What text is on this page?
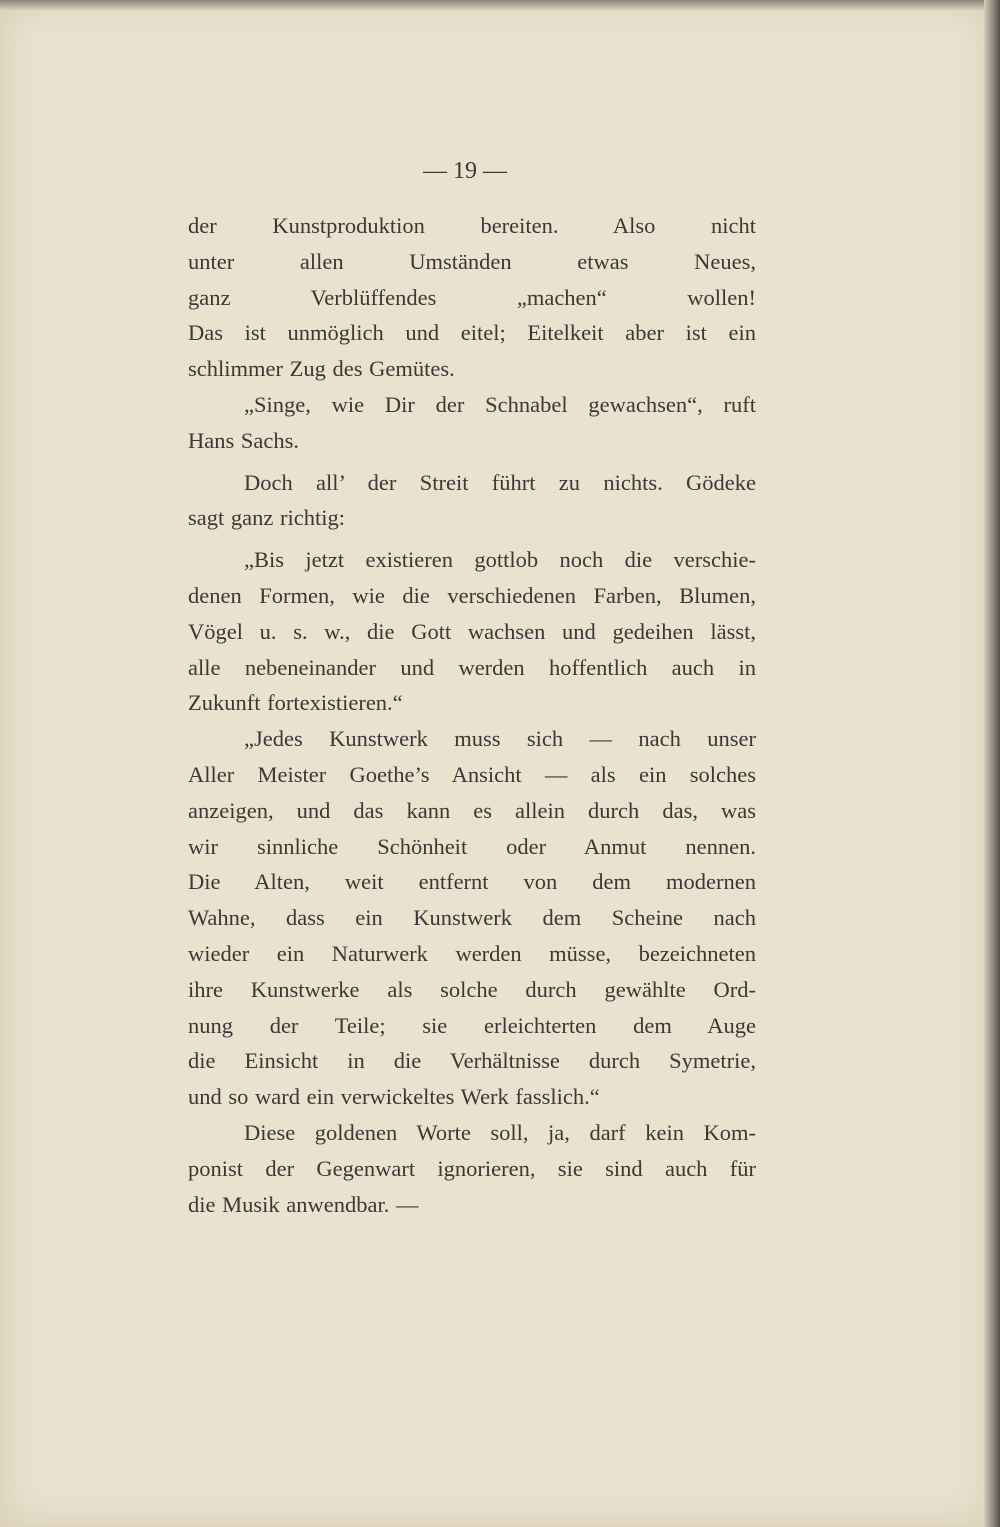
— 19 —
der Kunstproduktion bereiten. Also nicht
unter allen Umständen etwas Neues,
ganz Verblüffendes „machen“ wollen!
Das ist unmöglich und eitel; Eitelkeit aber ist ein
schlimmer Zug des Gemütes.
„Singe, wie Dir der Schnabel gewachsen“, ruft
Hans Sachs.
Doch all’ der Streit führt zu nichts. Gödeke
sagt ganz richtig:
„Bis jetzt existieren gottlob noch die verschie-
denen Formen, wie die verschiedenen Farben, Blumen,
Vögel u. s. w., die Gott wachsen und gedeihen lässt,
alle nebeneinander und werden hoffentlich auch in
Zukunft fortexistieren.“
„Jedes Kunstwerk muss sich — nach unser
Aller Meister Goethe’s Ansicht — als ein solches
anzeigen, und das kann es allein durch das, was
wir sinnliche Schönheit oder Anmut nennen.
Die Alten, weit entfernt von dem modernen
Wahne, dass ein Kunstwerk dem Scheine nach
wieder ein Naturwerk werden müsse, bezeichneten
ihre Kunstwerke als solche durch gewählte Ord-
nung der Teile; sie erleichterten dem Auge
die Einsicht in die Verhältnisse durch Symetrie,
und so ward ein verwickeltes Werk fasslich.“
Diese goldenen Worte soll, ja, darf kein Kom-
ponist der Gegenwart ignorieren, sie sind auch für
die Musik anwendbar. —
